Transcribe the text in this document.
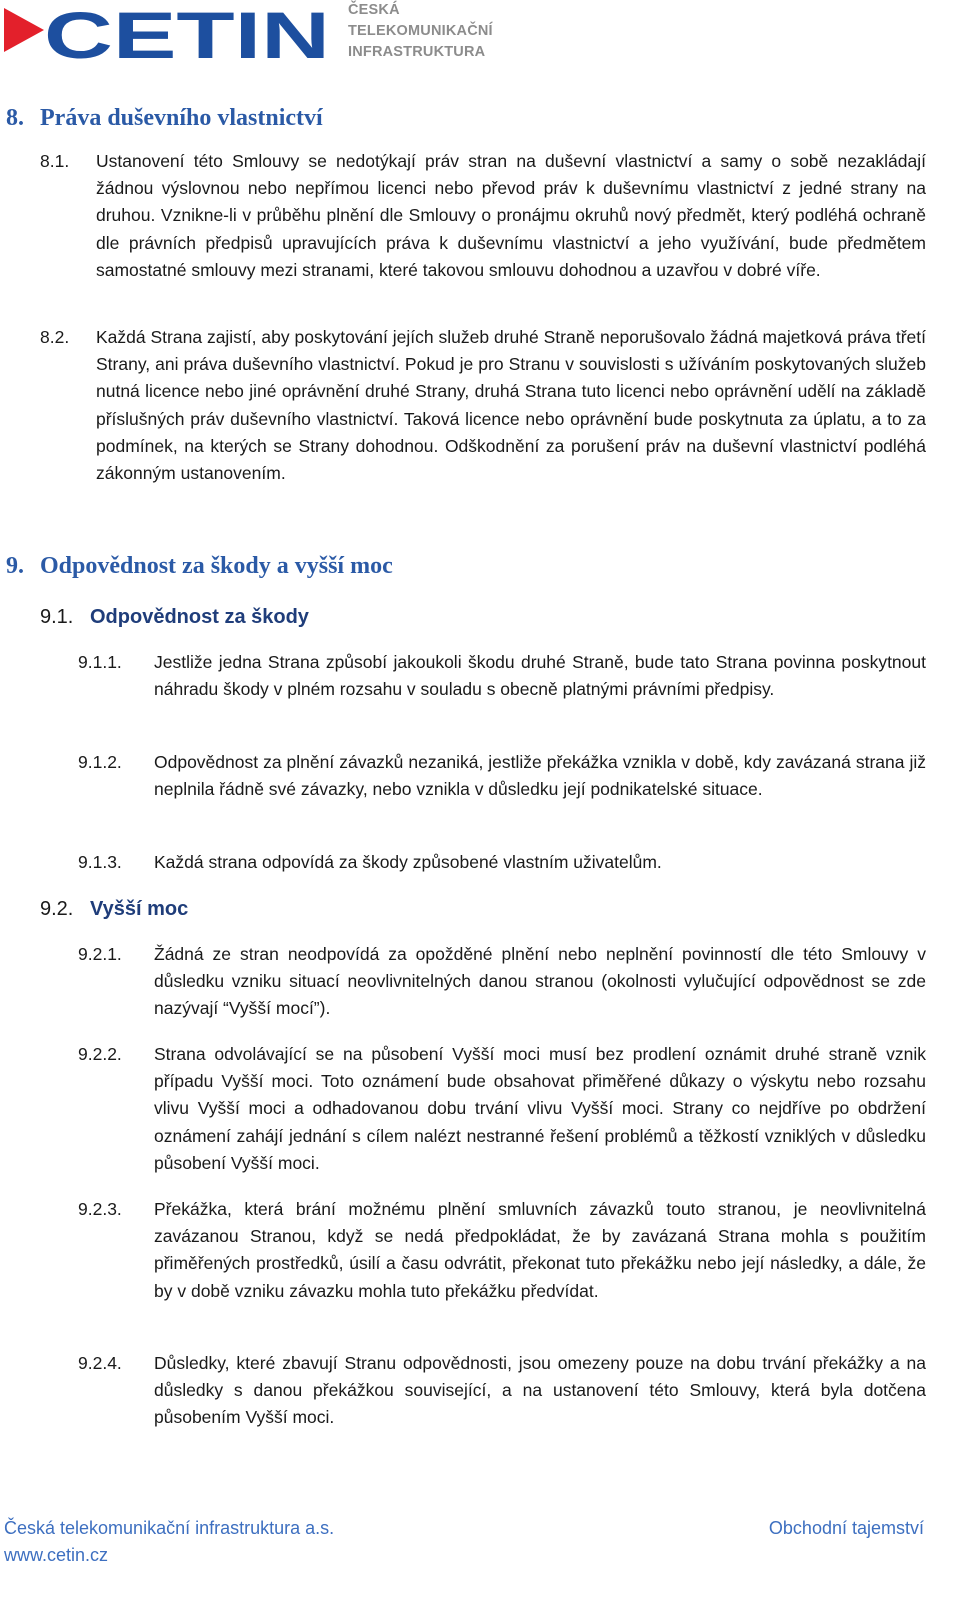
CETIN ČESKÁ
TELEKOMUNIKAČNÍ
INFRASTRUKTURA
8. Práva duševního vlastnictví
8.1. Ustanovení této Smlouvy se nedotýkají práv stran na duševní vlastnictví a samy o sobě nezakládají žádnou výslovnou nebo nepřímou licenci nebo převod práv k duševnímu vlastnictví z jedné strany na druhou. Vznikne-li v průběhu plnění dle Smlouvy o pronájmu okruhů nový předmět, který podléhá ochraně dle právních předpisů upravujících práva k duševnímu vlastnictví a jeho využívání, bude předmětem samostatné smlouvy mezi stranami, které takovou smlouvu dohodnou a uzavřou v dobré víře.
8.2. Každá Strana zajistí, aby poskytování jejích služeb druhé Straně neporušovalo žádná majetková práva třetí Strany, ani práva duševního vlastnictví. Pokud je pro Stranu v souvislosti s užíváním poskytovaných služeb nutná licence nebo jiné oprávnění druhé Strany, druhá Strana tuto licenci nebo oprávnění udělí na základě příslušných práv duševního vlastnictví. Taková licence nebo oprávnění bude poskytnuta za úplatu, a to za podmínek, na kterých se Strany dohodnou. Odškodnění za porušení práv na duševní vlastnictví podléhá zákonným ustanovením.
9. Odpovědnost za škody a vyšší moc
9.1. Odpovědnost za škody
9.1.1. Jestliže jedna Strana způsobí jakoukoli škodu druhé Straně, bude tato Strana povinna poskytnout náhradu škody v plném rozsahu v souladu s obecně platnými právními předpisy.
9.1.2. Odpovědnost za plnění závazků nezaniká, jestliže překážka vznikla v době, kdy zavázaná strana již neplnila řádně své závazky, nebo vznikla v důsledku její podnikatelské situace.
9.1.3. Každá strana odpovídá za škody způsobené vlastním uživatelům.
9.2. Vyšší moc
9.2.1. Žádná ze stran neodpovídá za opožděné plnění nebo neplnění povinností dle této Smlouvy v důsledku vzniku situací neovlivnitelných danou stranou (okolnosti vylučující odpovědnost se zde nazývají “Vyšší mocí”).
9.2.2. Strana odvolávající se na působení Vyšší moci musí bez prodlení oznámit druhé straně vznik případu Vyšší moci. Toto oznámení bude obsahovat přiměřené důkazy o výskytu nebo rozsahu vlivu Vyšší moci a odhadovanou dobu trvání vlivu Vyšší moci. Strany co nejdříve po obdržení oznámení zahájí jednání s cílem nalézt nestranné řešení problémů a těžkostí vzniklých v důsledku působení Vyšší moci.
9.2.3. Překážka, která brání možnému plnění smluvních závazků touto stranou, je neovlivnitelná zavázanou Stranou, když se nedá předpokládat, že by zavázaná Strana mohla s použitím přiměřených prostředků, úsilí a času odvrátit, překonat tuto překážku nebo její následky, a dále, že by v době vzniku závazku mohla tuto překážku předvídat.
9.2.4. Důsledky, které zbavují Stranu odpovědnosti, jsou omezeny pouze na dobu trvání překážky a na důsledky s danou překážkou související, a na ustanovení této Smlouvy, která byla dotčena působením Vyšší moci.
Česká telekomunikační infrastruktura a.s.
www.cetin.cz
Obchodní tajemství
